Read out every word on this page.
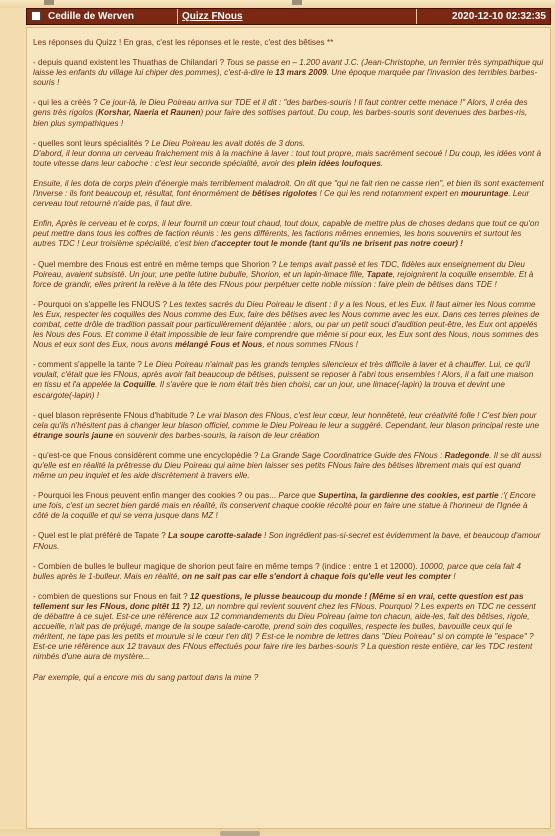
Cedille de Werven	Quizz FNous	2020-12-10 02:32:35

Les réponses du Quizz ! En gras, c'est les réponses et le reste, c'est des bêtises **

- depuis quand existent les Thuathas de Chilandari ? Tous se passe en – 1.200 avant J.C. (Jean-Christophe, un fermier très sympathique qui laisse les enfants du village lui chiper des pommes), c'est-à-dire le 13 mars 2009. Une époque marquée par l'invasion des terribles barbes-souris !

- qui les a créés ? Ce jour-là, le Dieu Poireau arriva sur TDE et il dit : "des barbes-souris ! Il faut contrer cette menace !" Alors, il créa des gens très rigolos (Korshar, Naeria et Raunen) pour faire des sottises partout. Du coup, les barbes-souris sont devenues des barbes-ris, bien plus sympathiques !

- quelles sont leurs spécialités ? Le Dieu Poireau les avait dotés de 3 dons.
D'abord, il leur donna un cerveau fraichement mis à la machine à laver : tout tout propre, mais sacrément secoué ! Du coup, les idées vont à toute vitesse dans leur caboche : c'est leur seconde spécialité, avoir des plein idées loufoques.

Ensuite, il les dota de corps plein d'énergie mais terriblement maladroit. On dit que "qui ne fait rien ne casse rien", et bien ils sont exactement l'inverse : ils font beaucoup et, résultat, font énormément de bêtises rigolotes ! Ce qui les rend notamment expert en mouruntage. Leur cerveau tout retourné n'aide pas, il faut dire.

Enfin, Après le cerveau et le corps, il leur fournit un cœur tout chaud, tout doux, capable de mettre plus de choses dedans que tout ce qu'on peut mettre dans tous les coffres de faction réunis : les gens différents, les factions mêmes ennemies, les bons souvenirs et surtout les autres TDC ! Leur troisième spécialité, c'est bien d'accepter tout le monde (tant qu'ils ne brisent pas notre coeur) !

- Quel membre des Fnous est entré en même temps que Shorion ? Le temps avait passé et les TDC, fidèles aux enseignement du Dieu Poireau, avaient subsisté. Un jour, une petite lutine bubulle, Shorion, et un lapin-limace fille, Tapate, rejoignirent la coquille ensemble. Et à force de grandir, elles prirent la relève à la tête des FNous pour perpétuer cette noble mission : faire plein de bêtises dans TDE !

- Pourquoi on s'appelle les FNOUS ? Les textes sacrés du Dieu Poireau le disent : il y a les Nous, et les Eux. Il faut aimer les Nous comme les Eux, respecter les coquilles des Nous comme des Eux, faire des bêtises avec les Nous comme avec les eux. Dans ces terres pleines de combat, cette drôle de tradition passait pour particulièrement déjantée : alors, ou par un petit souci d'audition peut-être, les Eux ont appelés les Nous des Fous. Et comme il était impossible de leur faire comprendre que même si pour eux, les Eux sont des Nous, nous sommes des Nous et eux sont des Eux, nous avons mélangé Fous et Nous, et nous sommes FNous !

- comment s'appelle la tante ? Le Dieu Poireau n'aimait pas les grands temples silencieux et très difficile à laver et à chauffer. Lui, ce qu'il voulait, c'était que les FNous, après avoir fait beaucoup de bêtises, puissent se reposer à l'abri tous ensembles ! Alors, il a fait une maison en tissu et l'a appelée la Coquille. Il s'avère que le nom était très bien choisi, car un jour, une limace(-lapin) la trouva et devint une escargote(-lapin) !

- quel blason représente FNous d'habitude ? Le vrai blason des FNous, c'est leur cœur, leur honnêteté, leur créativité folle ! C'est bien pour cela qu'ils n'hésitent pas à changer leur blason officiel, comme le Dieu Poireau le leur a suggéré. Cependant, leur blason principal reste une étrange souris jaune en souvenir des barbes-souris, la raison de leur création

- qu'est-ce que Fnous considèrent comme une encyclopédie ? La Grande Sage Coordinatrice Guide des FNous : Radegonde. Il se dit aussi qu'elle est en réalité la prêtresse du Dieu Poireau qui aime bien laisser ses petits FNous faire des bêtises librement mais qui est quand même un peu inquiet et les aide discrètement à travers elle.

- Pourquoi les Fnous peuvent enfin manger des cookies ? ou pas... Parce que Supertina, la gardienne des cookies, est partie :'( Encore une fois, c'est un secret bien gardé mais en réalité, ils conservent chaque cookie récolté pour en faire une statue à l'honneur de l'Ignée à côté de la coquille et qui se verra jusque dans MZ !

- Quel est le plat préféré de Tapate ? La soupe carotte-salade ! Son ingrédient pas-si-secret est évidemment la bave, et beaucoup d'amour FNous.

- Combien de bulles le bulleur magique de shorion peut faire en même temps ? (indice : entre 1 et 12000). 10000, parce que cela fait 4 bulles après le 1-bulleur. Mais en réalité, on ne sait pas car elle s'endort à chaque fois qu'elle veut les compter !

- combien de questions sur Fnous en fait ? 12 questions, le plusse beaucoup du monde ! (Même si en vrai, cette question est pas tellement sur les FNous, donc pitêt 11 ?) 12, un nombre qui revient souvent chez les FNous. Pourquoi ? Les experts en TDC ne cessent de débattre à ce sujet. Est-ce une référence aux 12 commandements du Dieu Poireau (aime ton chacun, aide-les, fait des bêtises, rigole, accueille, n'ait pas de préjugé, mange de la soupe salade-carotte, prend soin des coquilles, respecte les bulles, bavouille ceux qui le méritent, ne tape pas les petits et mourule si le cœur t'en dit) ? Est-ce le nombre de lettres dans "Dieu Poireau" si on compte le "espace" ? Est-ce une référence aux 12 travaux des FNous effectués pour faire rire les barbes-souris ? La question reste entière, car les TDC restent nimbés d'une aura de mystère...

Par exemple, qui a encore mis du sang partout dans la mine ?
